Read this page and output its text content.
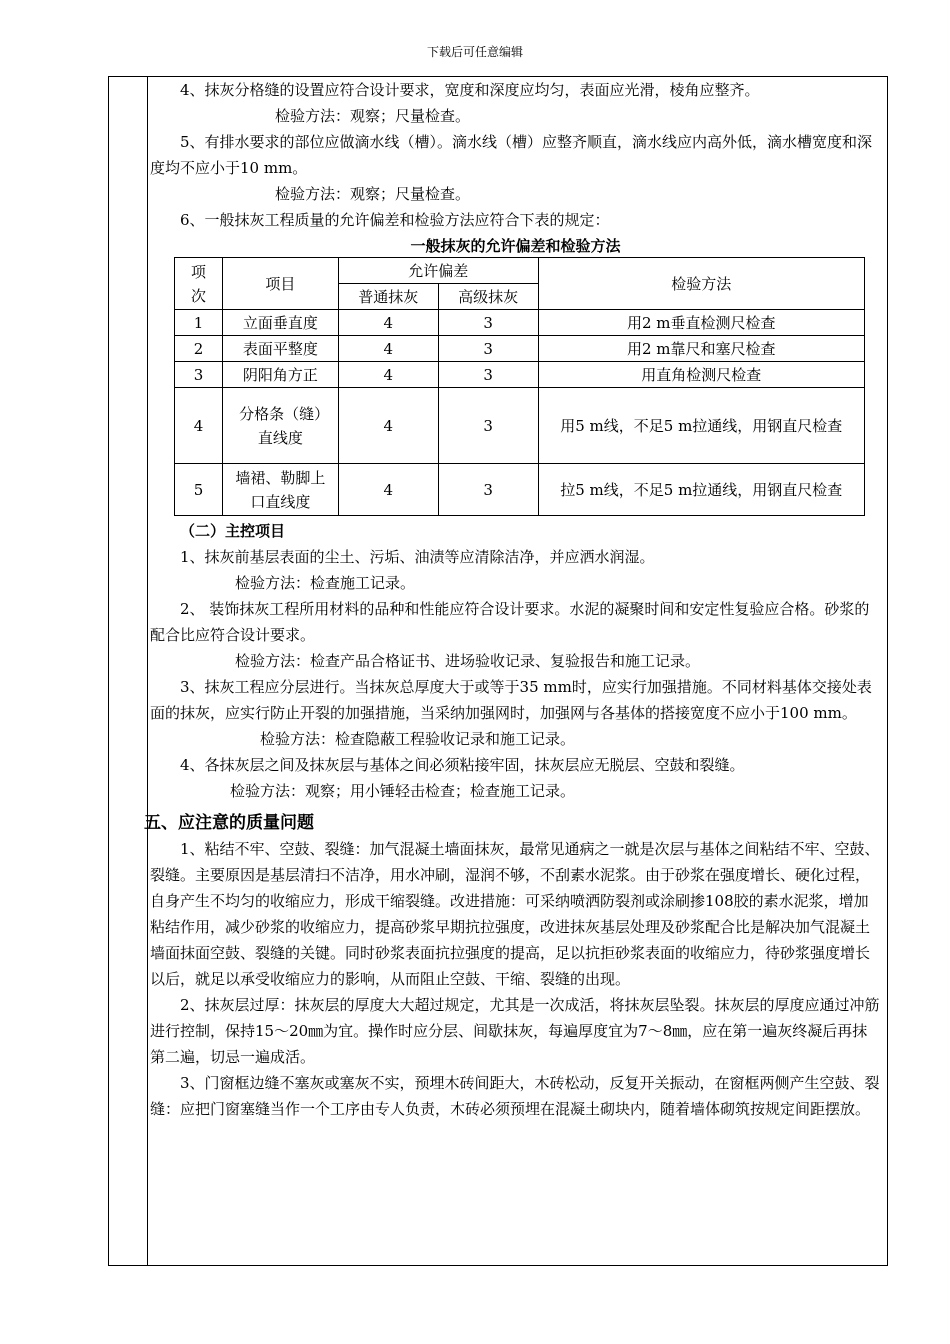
下载后可任意编辑

4、抹灰分格缝的设置应符合设计要求，宽度和深度应均匀，表面应光滑，棱角应整齐。

检验方法：观察；尺量检查。

5、有排水要求的部位应做滴水线（槽）。滴水线（槽）应整齐顺直，滴水线应内高外低，滴水槽宽度和深度均不应小于10 mm。

检验方法：观察；尺量检查。

6、一般抹灰工程质量的允许偏差和检验方法应符合下表的规定：

一般抹灰的允许偏差和检验方法
项次	项目	允许偏差		检验方法
		普通抹灰	高级抹灰	
1	立面垂直度	4	3	用2 m垂直检测尺检查
2	表面平整度	4	3	用2 m靠尺和塞尺检查
3	阴阳角方正	4	3	用直角检测尺检查
4	分格条（缝）直线度	4	3	用5 m线，不足5 m拉通线，用钢直尺检查
5	墙裙、勒脚上口直线度	4	3	拉5 m线，不足5 m拉通线，用钢直尺检查

（二）主控项目

1、抹灰前基层表面的尘土、污垢、油渍等应清除洁净，并应洒水润湿。

检验方法：检查施工记录。

2、 装饰抹灰工程所用材料的品种和性能应符合设计要求。水泥的凝聚时间和安定性复验应合格。砂浆的配合比应符合设计要求。

检验方法：检查产品合格证书、进场验收记录、复验报告和施工记录。

3、抹灰工程应分层进行。当抹灰总厚度大于或等于35 mm时，应实行加强措施。不同材料基体交接处表面的抹灰，应实行防止开裂的加强措施，当采纳加强网时，加强网与各基体的搭接宽度不应小于100 mm。

检验方法：检查隐蔽工程验收记录和施工记录。

4、各抹灰层之间及抹灰层与基体之间必须粘接牢固，抹灰层应无脱层、空鼓和裂缝。

检验方法：观察；用小锤轻击检查；检查施工记录。

五、应注意的质量问题

1、粘结不牢、空鼓、裂缝：加气混凝土墙面抹灰，最常见通病之一就是次层与基体之间粘结不牢、空鼓、裂缝。主要原因是基层清扫不洁净，用水冲刷，湿润不够，不刮素水泥浆。由于砂浆在强度增长、硬化过程，自身产生不均匀的收缩应力，形成干缩裂缝。改进措施：可采纳喷洒防裂剂或涂刷掺108胶的素水泥浆，增加粘结作用，减少砂浆的收缩应力，提高砂浆早期抗拉强度，改进抹灰基层处理及砂浆配合比是解决加气混凝土墙面抹面空鼓、裂缝的关键。同时砂浆表面抗拉强度的提高，足以抗拒砂浆表面的收缩应力，待砂浆强度增长以后，就足以承受收缩应力的影响，从而阻止空鼓、干缩、裂缝的出现。

2、抹灰层过厚：抹灰层的厚度大大超过规定，尤其是一次成活，将抹灰层坠裂。抹灰层的厚度应通过冲筋进行控制，保持15～20㎜为宜。操作时应分层、间歇抹灰，每遍厚度宜为7～8㎜，应在第一遍灰终凝后再抹第二遍，切忌一遍成活。

3、门窗框边缝不塞灰或塞灰不实，预埋木砖间距大，木砖松动，反复开关振动，在窗框两侧产生空鼓、裂缝：应把门窗塞缝当作一个工序由专人负责，木砖必须预埋在混凝土砌块内，随着墙体砌筑按规定间距摆放。
